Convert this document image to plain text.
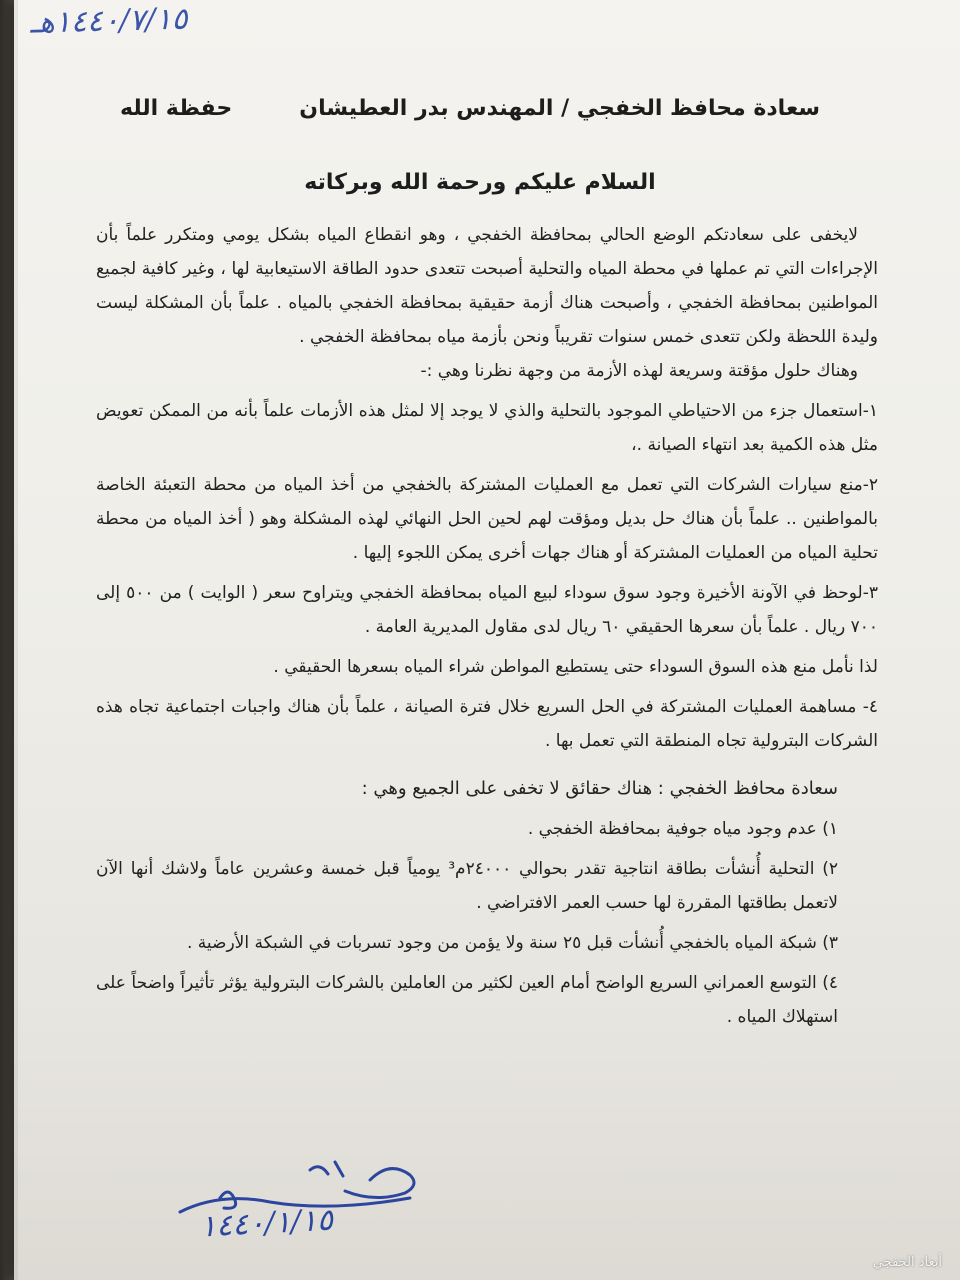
١٤٤٠/٧/١٥هـ
سعادة محافظ الخفجي / المهندس بدر العطيشان
حفظة الله
السلام عليكم ورحمة الله وبركاته

لايخفى على سعادتكم الوضع الحالي بمحافظة الخفجي ، وهو انقطاع المياه بشكل يومي ومتكرر علماً بأن الإجراءات التي تم عملها في محطة المياه والتحلية أصبحت تتعدى حدود الطاقة الاستيعابية لها ، وغير كافية لجميع المواطنين بمحافظة الخفجي ، وأصبحت هناك أزمة حقيقية بمحافظة الخفجي بالمياه . علماً بأن المشكلة ليست وليدة اللحظة ولكن تتعدى خمس سنوات تقريباً ونحن بأزمة مياه بمحافظة الخفجي .

وهناك حلول مؤقتة وسريعة لهذه الأزمة من وجهة نظرنا وهي :-

١-استعمال جزء من الاحتياطي الموجود بالتحلية والذي لا يوجد إلا لمثل هذه الأزمات علماً بأنه من الممكن تعويض مثل هذه الكمية بعد انتهاء الصيانة .،

٢-منع سيارات الشركات التي تعمل مع العمليات المشتركة بالخفجي من أخذ المياه من محطة التعبئة الخاصة بالمواطنين .. علماً بأن هناك حل بديل ومؤقت لهم لحين الحل النهائي لهذه المشكلة وهو ( أخذ المياه من محطة تحلية المياه من العمليات المشتركة أو هناك جهات أخرى يمكن اللجوء إليها .

٣-لوحظ في الآونة الأخيرة وجود سوق سوداء لبيع المياه بمحافظة الخفجي ويتراوح سعر ( الوايت ) من ٥٠٠ إلى ٧٠٠ ريال . علماً بأن سعرها الحقيقي ٦٠ ريال لدى مقاول المديرية العامة .

لذا نأمل منع هذه السوق السوداء حتى يستطيع المواطن شراء المياه بسعرها الحقيقي .

٤- مساهمة العمليات المشتركة في الحل السريع خلال فترة الصيانة ، علماً بأن هناك واجبات اجتماعية تجاه هذه الشركات البترولية تجاه المنطقة التي تعمل بها .

سعادة محافظ الخفجي : هناك حقائق لا تخفى على الجميع وهي :

١) عدم وجود مياه جوفية بمحافظة الخفجي .

٢) التحلية أُنشأت بطاقة انتاجية تقدر بحوالي ٢٤٠٠٠م³ يومياً قبل خمسة وعشرين عاماً ولاشك أنها الآن لاتعمل بطاقتها المقررة لها حسب العمر الافتراضي .

٣) شبكة المياه بالخفجي أُنشأت قبل ٢٥ سنة ولا يؤمن من وجود تسربات في الشبكة الأرضية .

٤) التوسع العمراني السريع الواضح أمام العين لكثير من العاملين بالشركات البترولية يؤثر تأثيراً واضحاً على استهلاك المياه .

١٤٤٠/١/١٥
أبعاد الخفجي
